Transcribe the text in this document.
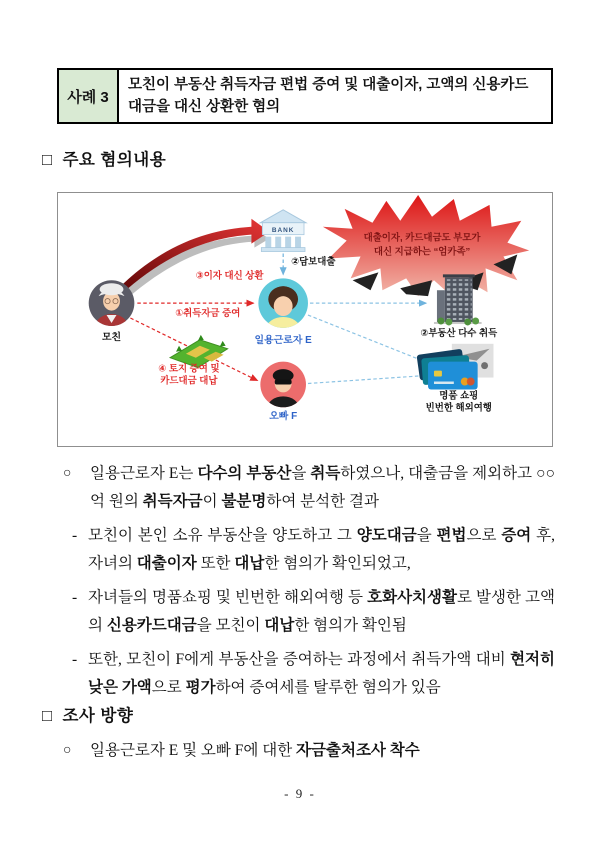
사례 3
모친이 부동산 취득자금 편법 증여 및 대출이자, 고액의 신용카드 대금을 대신 상환한 혐의
□ 주요 혐의내용
대출이자, 카드대금도 부모가
대신 지급하는 “엄카족”
BANK
모친	일용근로자 E
오빠 F
③이자 대신 상환
①취득자금 증여
②담보대출
④ 토지 증여 및
카드대금 대납
②부동산 다수 취득
명품 쇼핑
빈번한 해외여행
○	일용근로자 E는 다수의 부동산을 취득하였으나, 대출금을 제외하고 ○○억 원의 취득자금이 불분명하여 분석한 결과
- 모친이 본인 소유 부동산을 양도하고 그 양도대금을 편법으로 증여 후, 자녀의 대출이자 또한 대납한 혐의가 확인되었고,
- 자녀들의 명품쇼핑 및 빈번한 해외여행 등 호화사치생활로 발생한 고액의 신용카드대금을 모친이 대납한 혐의가 확인됨
- 또한, 모친이 F에게 부동산을 증여하는 과정에서 취득가액 대비 현저히 낮은 가액으로 평가하여 증여세를 탈루한 혐의가 있음
□ 조사 방향
○	일용근로자 E 및 오빠 F에 대한 자금출처조사 착수
- 9 -
